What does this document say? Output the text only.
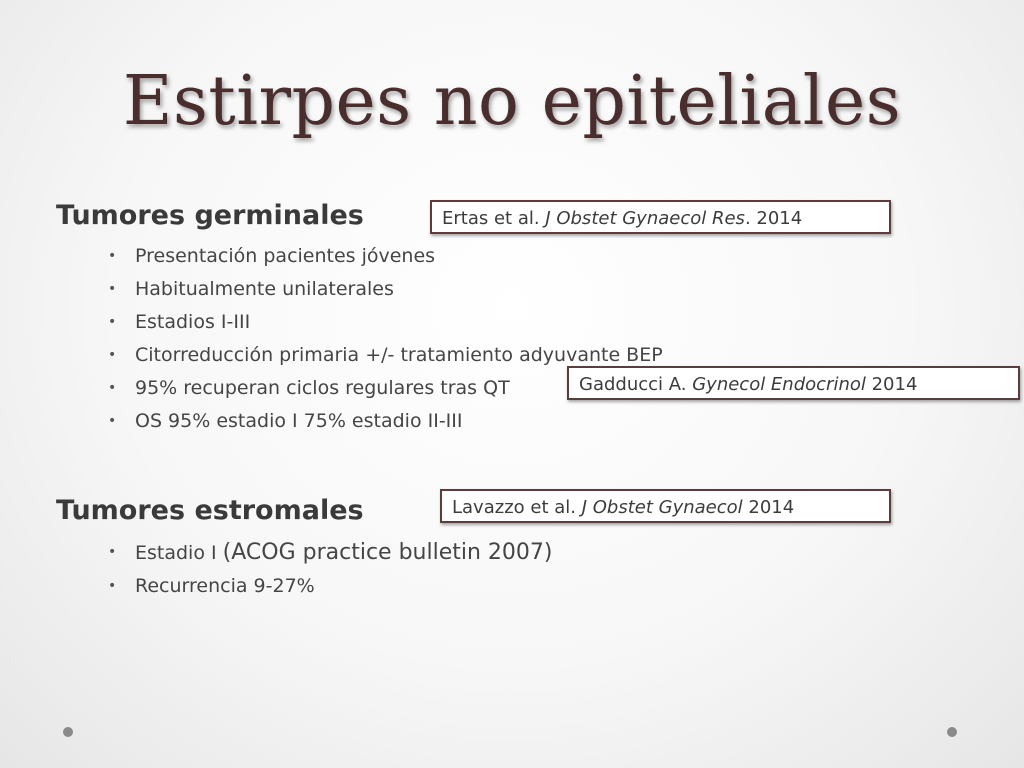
Estirpes no epiteliales
Tumores germinales	Ertas et al. J Obstet Gynaecol Res. 2014
• Presentación pacientes jóvenes
• Habitualmente unilaterales
• Estadios I-III
• Citorreducción primaria +/- tratamiento adyuvante BEP
• 95% recuperan ciclos regulares tras QT
• OS 95% estadio I 75% estadio II-III
Gadducci A. Gynecol Endocrinol 2014
Tumores estromales	Lavazzo et al. J Obstet Gynaecol 2014
• Estadio I (ACOG practice bulletin 2007)
• Recurrencia 9-27%
